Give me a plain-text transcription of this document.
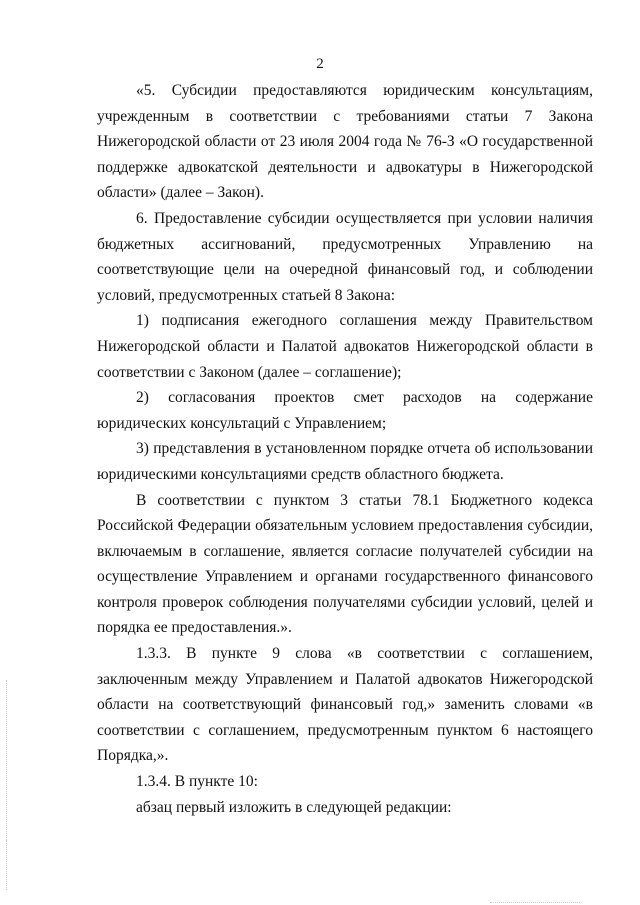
2

«5. Субсидии предоставляются юридическим консультациям, учрежденным в соответствии с требованиями статьи 7 Закона Нижегородской области от 23 июля 2004 года № 76-З «О государственной поддержке адвокатской деятельности и адвокатуры в Нижегородской области» (далее – Закон).

6. Предоставление субсидии осуществляется при условии наличия бюджетных ассигнований, предусмотренных Управлению на соответствующие цели на очередной финансовый год, и соблюдении условий, предусмотренных статьей 8 Закона:

1) подписания ежегодного соглашения между Правительством Нижегородской области и Палатой адвокатов Нижегородской области в соответствии с Законом (далее – соглашение);

2) согласования проектов смет расходов на содержание юридических консультаций с Управлением;

3) представления в установленном порядке отчета об использовании юридическими консультациями средств областного бюджета.

В соответствии с пунктом 3 статьи 78.1 Бюджетного кодекса Российской Федерации обязательным условием предоставления субсидии, включаемым в соглашение, является согласие получателей субсидии на осуществление Управлением и органами государственного финансового контроля проверок соблюдения получателями субсидии условий, целей и порядка ее предоставления.».

1.3.3. В пункте 9 слова «в соответствии с соглашением, заключенным между Управлением и Палатой адвокатов Нижегородской области на соответствующий финансовый год,» заменить словами «в соответствии с соглашением, предусмотренным пунктом 6 настоящего Порядка,».

1.3.4. В пункте 10:

абзац первый изложить в следующей редакции:
